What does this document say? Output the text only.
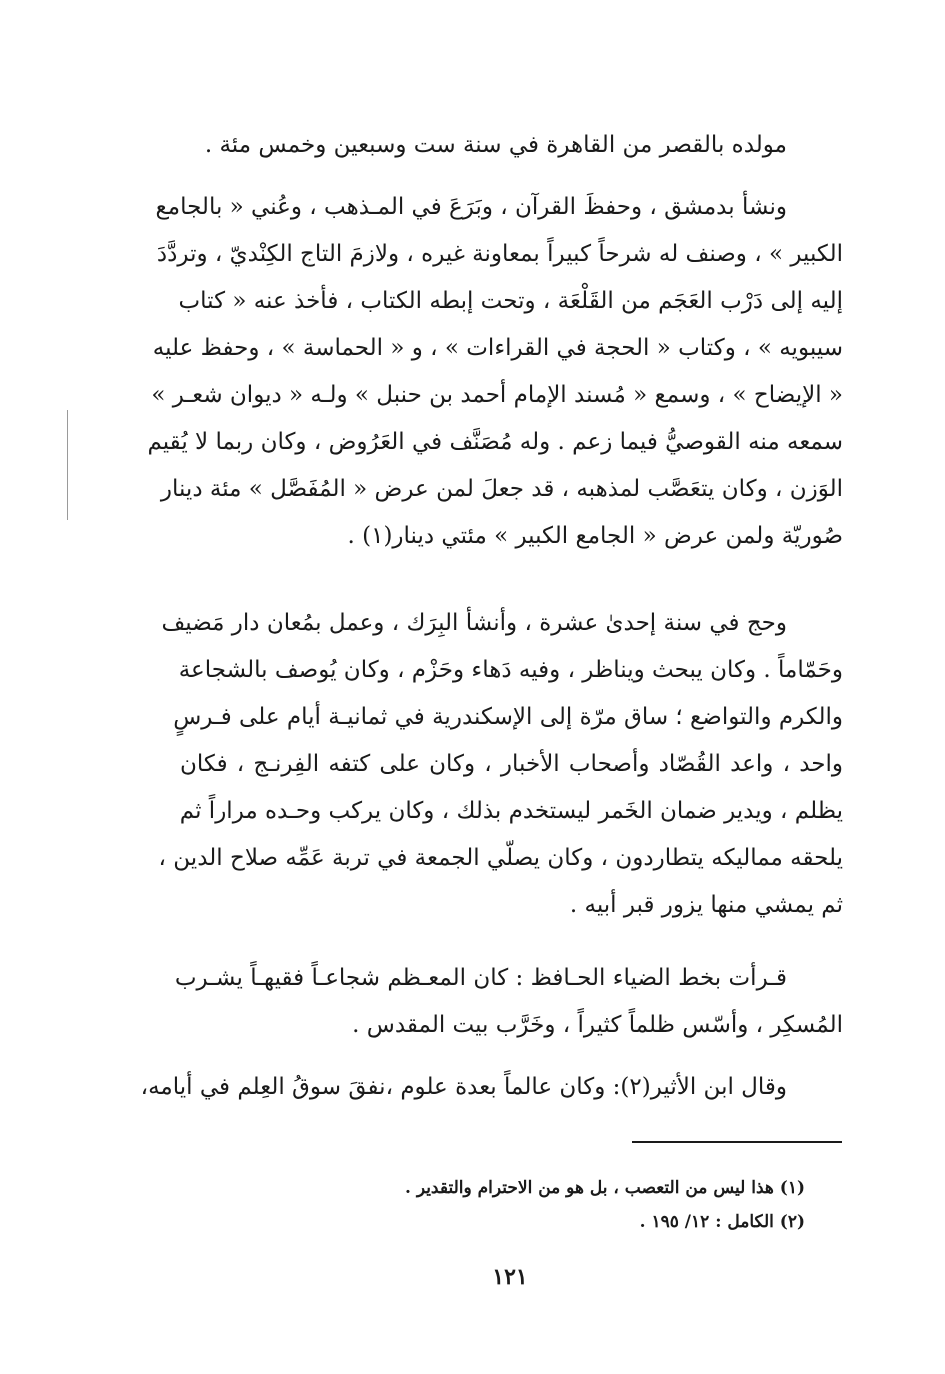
مولده بالقصر من القاهرة في سنة ست وسبعين وخمس مئة .
ونشأ بدمشق ، وحفظَ القرآن ، وبَرَعَ في المـذهب ، وعُني « بالجامع
الكبير » ، وصنف له شرحاً كبيراً بمعاونة غيره ، ولازمَ التاج الكِنْديّ ، وتردَّدَ
إليه إلى دَرْب العَجَم من القَلْعَة ، وتحت إبطه الكتاب ، فأخذ عنه « كتاب
سيبويه » ، وكتاب « الحجة في القراءات » ، و « الحماسة » ، وحفظ عليه
« الإيضاح » ، وسمع « مُسند الإمام أحمد بن حنبل » ولـه « ديوان شعـر »
سمعه منه القوصيُّ فيما زعم . وله مُصَنَّف في العَرُوض ، وكان ربما لا يُقيم
الوَزن ، وكان يتعَصَّب لمذهبه ، قد جعلَ لمن عرض « المُفَصَّل » مئة دينار
صُوريّة ولمن عرض « الجامع الكبير » مئتي دينار(١) .
وحج في سنة إحدىٰ عشرة ، وأنشأ البِرَك ، وعمل بمُعان دار مَضيف
وحَمّاماً . وكان يبحث ويناظر ، وفيه دَهاء وحَزْم ، وكان يُوصف بالشجاعة
والكرم والتواضع ؛ ساق مرّة إلى الإسكندرية في ثمانيـة أيام على فـرسٍ
واحد ، واعد القُصّاد وأصحاب الأخبار ، وكان على كتفه الفِرنـج ، فكان
يظلم ، ويدير ضمان الخَمر ليستخدم بذلك ، وكان يركب وحـده مراراً ثم
يلحقه مماليكه يتطاردون ، وكان يصلّي الجمعة في تربة عَمِّه صلاح الدين ،
ثم يمشي منها يزور قبر أبيه .
قـرأت بخط الضياء الحـافظ : كان المعـظم شجاعـاً فقيهـاً يشـرب
المُسكِر ، وأسّس ظلماً كثيراً ، وخَرَّب بيت المقدس .
وقال ابن الأثير(٢): وكان عالماً بعدة علوم ،نفقَ سوقُ العِلم في أيامه،
(١) هذا ليس من التعصب ، بل هو من الاحترام والتقدير .
(٢) الكامل : ١٢/ ١٩٥ .
١٢١
